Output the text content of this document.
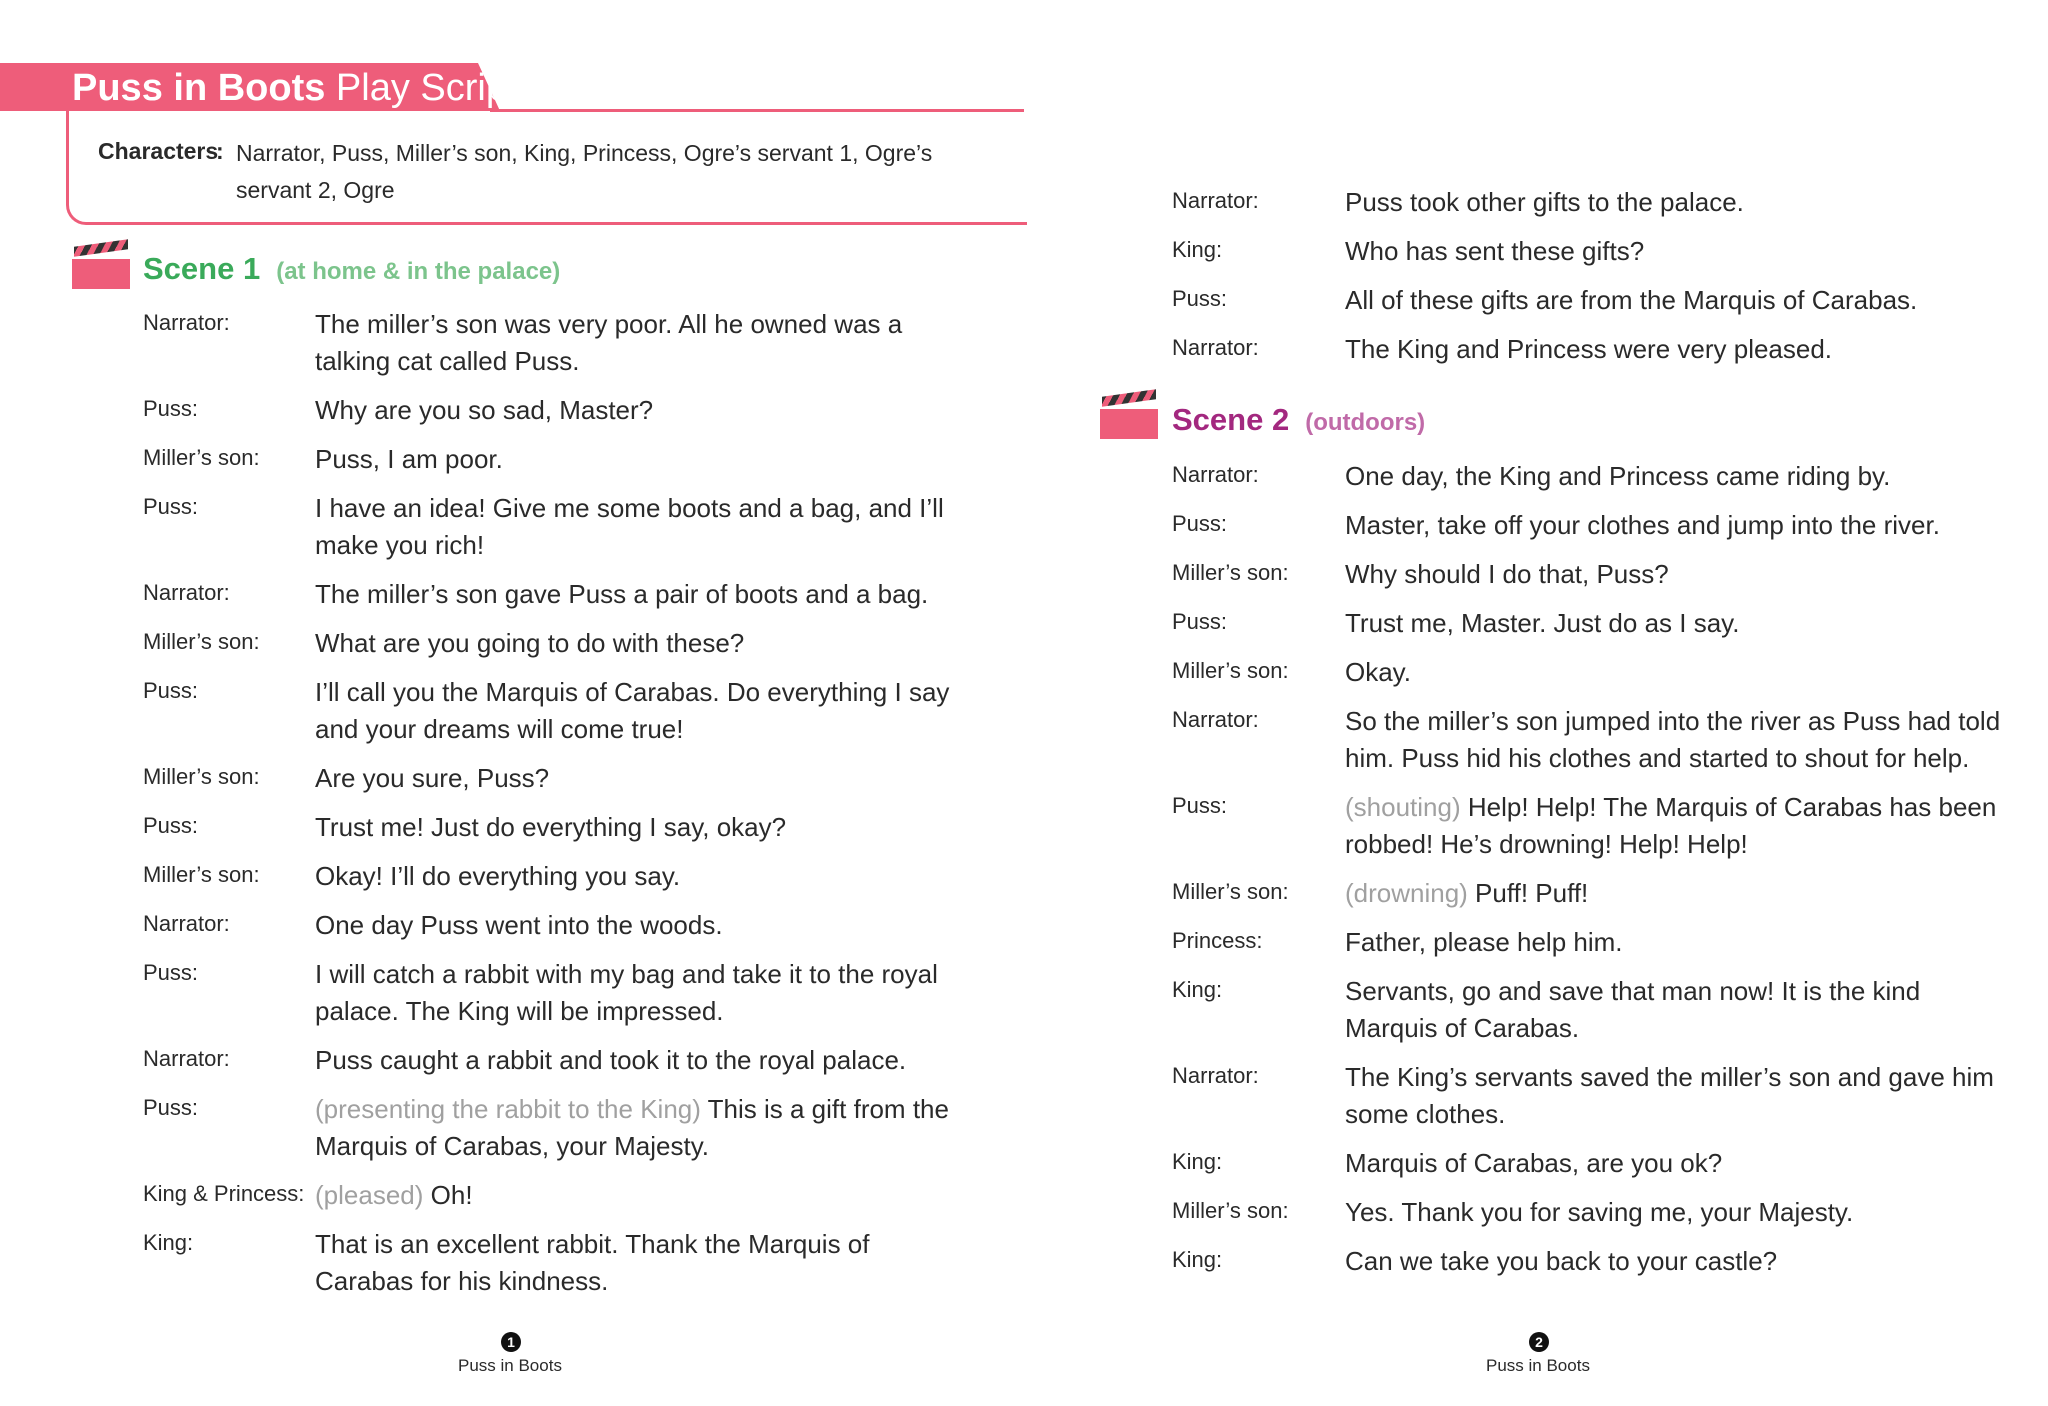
Puss in Boots Play Script
Characters
: Narrator, Puss, Miller’s son, King, Princess, Ogre’s servant 1, Ogre’s servant 2, Ogre
Scene 1 (at home & in the palace)
Narrator:	The miller’s son was very poor. All he owned was a talking cat called Puss.
Puss:	Why are you so sad, Master?
Miller’s son: Puss, I am poor.
Puss:	I have an idea! Give me some boots and a bag, and I’ll make you rich!
Narrator:	The miller’s son gave Puss a pair of boots and a bag.
Miller’s son: What are you going to do with these?
Puss:	I’ll call you the Marquis of Carabas. Do everything I say and your dreams will come true!
Miller’s son: Are you sure, Puss?
Puss:	Trust me! Just do everything I say, okay?
Miller’s son: Okay! I’ll do everything you say.
Narrator:	One day Puss went into the woods.
Puss:	I will catch a rabbit with my bag and take it to the royal palace. The King will be impressed.
Narrator:	Puss caught a rabbit and took it to the royal palace.
Puss:	(presenting the rabbit to the King) This is a gift from the Marquis of Carabas, your Majesty.
King & Princess: (pleased) Oh!
King:	That is an excellent rabbit. Thank the Marquis of Carabas for his kindness.
1
Puss in Boots
Narrator:	Puss took other gifts to the palace.
King:	Who has sent these gifts?
Puss:	All of these gifts are from the Marquis of Carabas.
Narrator:	The King and Princess were very pleased.
Scene 2 (outdoors)
Narrator:	One day, the King and Princess came riding by.
Puss:	Master, take off your clothes and jump into the river.
Miller’s son: Why should I do that, Puss?
Puss:	Trust me, Master. Just do as I say.
Miller’s son: Okay.
Narrator:	So the miller’s son jumped into the river as Puss had told him. Puss hid his clothes and started to shout for help.
Puss:	(shouting) Help! Help! The Marquis of Carabas has been robbed! He’s drowning! Help! Help!
Miller’s son: (drowning) Puff! Puff!
Princess:	Father, please help him.
King:	Servants, go and save that man now! It is the kind Marquis of Carabas.
Narrator:	The King’s servants saved the miller’s son and gave him some clothes.
King:	Marquis of Carabas, are you ok?
Miller’s son: Yes. Thank you for saving me, your Majesty.
King:	Can we take you back to your castle?
2
Puss in Boots
